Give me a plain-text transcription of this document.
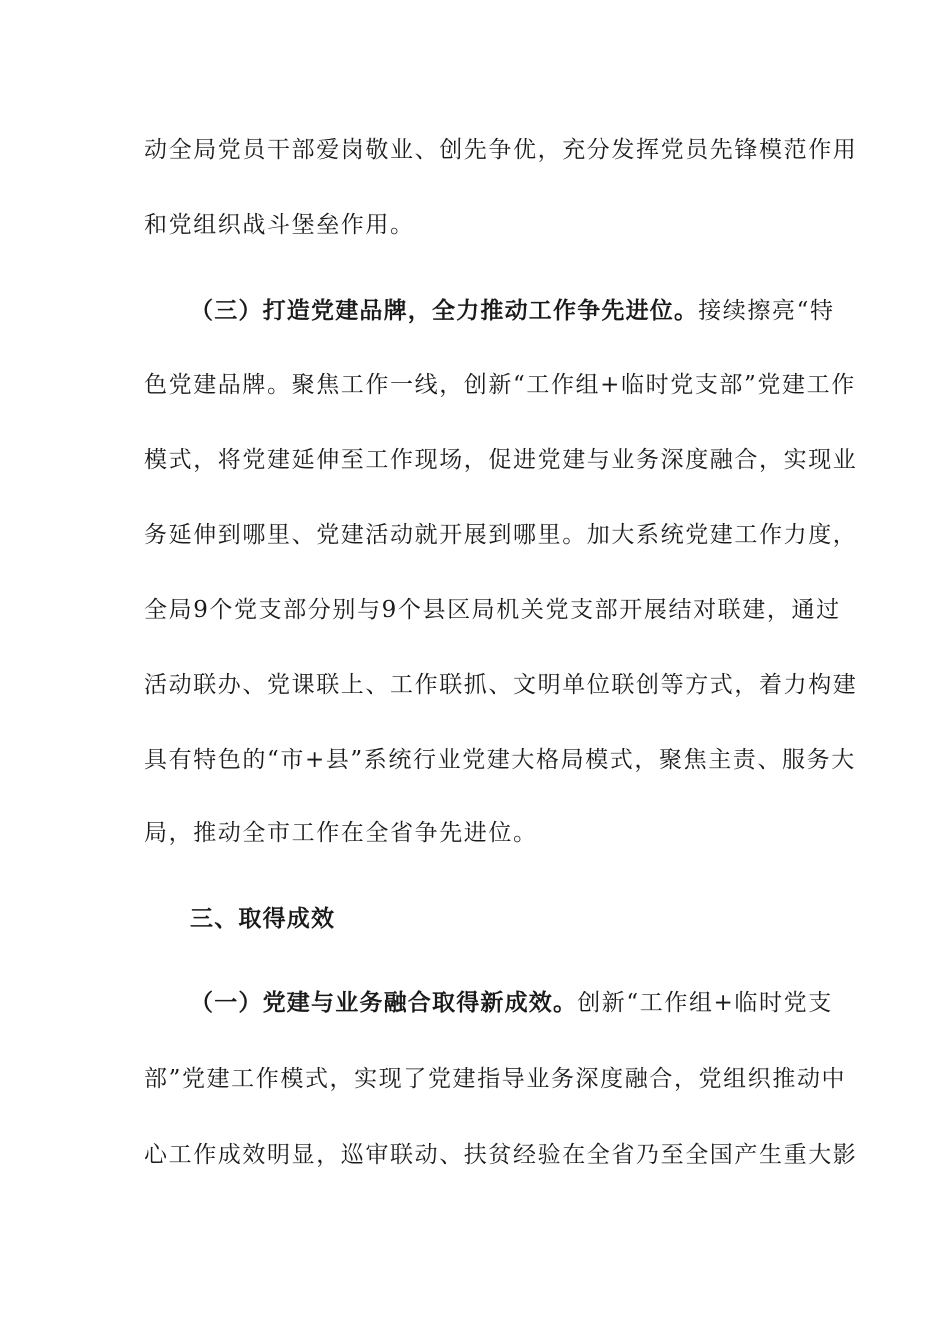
动全局党员干部爱岗敬业、创先争优，充分发挥党员先锋模范作用
和党组织战斗堡垒作用。
（三）打造党建品牌，全力推动工作争先进位。接续擦亮“特
色党建品牌。聚焦工作一线，创新“工作组+临时党支部”党建工作
模式，将党建延伸至工作现场，促进党建与业务深度融合，实现业
务延伸到哪里、党建活动就开展到哪里。加大系统党建工作力度，
全局9个党支部分别与9个县区局机关党支部开展结对联建，通过
活动联办、党课联上、工作联抓、文明单位联创等方式，着力构建
具有特色的“市+县”系统行业党建大格局模式，聚焦主责、服务大
局，推动全市工作在全省争先进位。
三、取得成效
（一）党建与业务融合取得新成效。创新“工作组+临时党支
部”党建工作模式，实现了党建指导业务深度融合，党组织推动中
心工作成效明显，巡审联动、扶贫经验在全省乃至全国产生重大影
